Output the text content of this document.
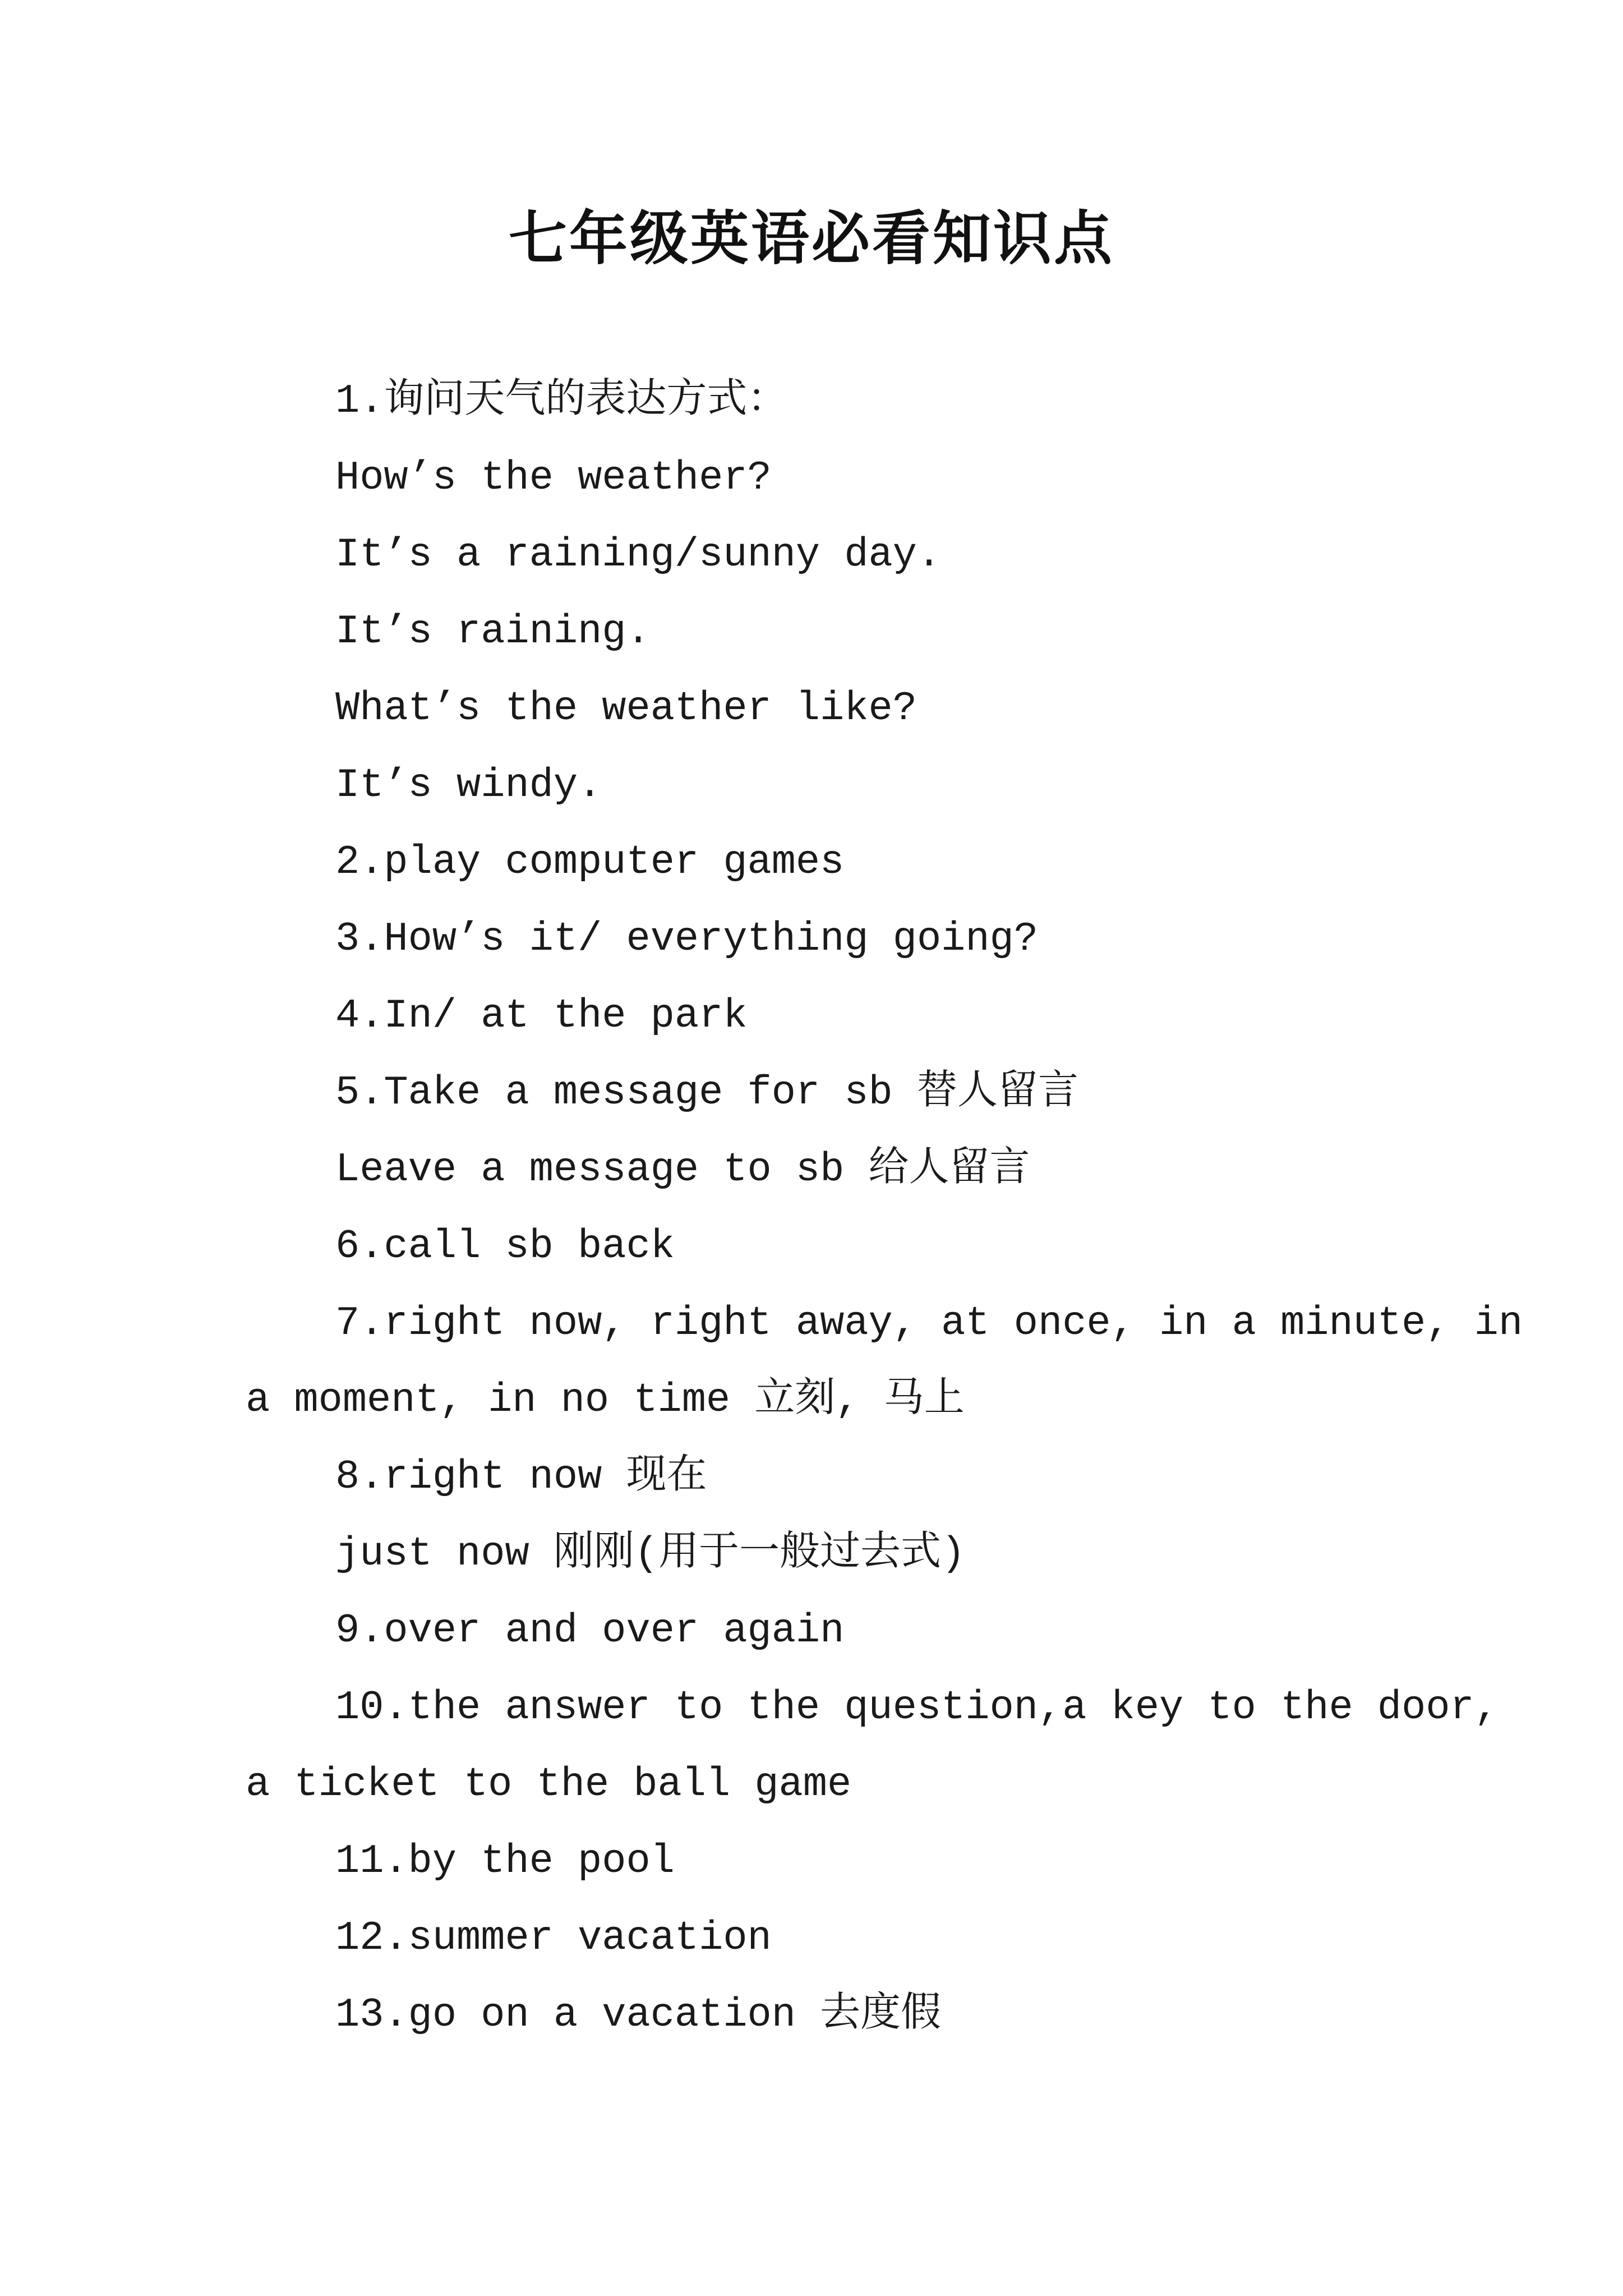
七年级英语必看知识点
1.询问天气的表达方式：
How’s the weather?
It’s a raining/sunny day.
It’s raining.
What’s the weather like?
It’s windy.
2.play computer games
3.How’s it/ everything going?
4.In/ at the park
5.Take a message for sb 替人留言
Leave a message to sb 给人留言
6.call sb back
7.right now, right away, at once, in a minute, in
a moment, in no time 立刻, 马上
8.right now 现在
just now 刚刚(用于一般过去式)
9.over and over again
10.the answer to the question,a key to the door,
a ticket to the ball game
11.by the pool
12.summer vacation
13.go on a vacation 去度假
